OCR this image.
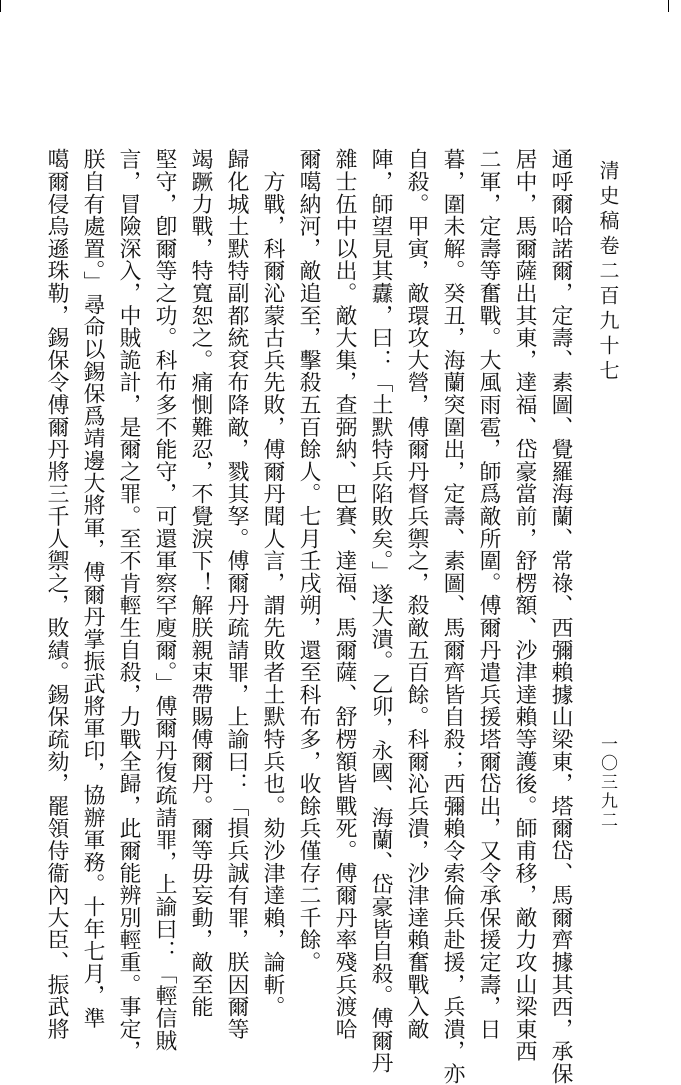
清史稿卷二百九十七
一〇三九二
通呼爾哈諾爾，定壽、素圖、覺羅海蘭、常祿、西彌賴據山梁東，塔爾岱、馬爾齊據其西，承保
居中，馬爾薩出其東，達福、岱豪當前，舒楞額、沙津達賴等護後。師甫移，敵力攻山梁東西
二軍，定壽等奮戰。大風雨雹，師爲敵所圍。傅爾丹遣兵援塔爾岱出，又令承保援定壽，日
暮，圍未解。癸丑，海蘭突圍出，定壽、素圖、馬爾齊皆自殺；西彌賴令索倫兵赴援，兵潰，亦
自殺。甲寅，敵環攻大營，傅爾丹督兵禦之，殺敵五百餘。科爾沁兵潰，沙津達賴奮戰入敵
陣，師望見其纛，曰：「土默特兵陷敗矣。」遂大潰。乙卯，永國、海蘭、岱豪皆自殺。傅爾丹
雜士伍中以出。敵大集，查弼納、巴賽、達福、馬爾薩、舒楞額皆戰死。傅爾丹率殘兵渡哈
爾噶納河，敵追至，擊殺五百餘人。七月壬戌朔，還至科布多，收餘兵僅存二千餘。
　方戰，科爾沁蒙古兵先敗，傅爾丹聞人言，謂先敗者土默特兵也。劾沙津達賴，論斬。
歸化城土默特副都統袞布降敵，戮其孥。傅爾丹疏請罪，上諭曰：「損兵誠有罪，朕因爾等
竭蹶力戰，特寬恕之。痛惻難忍，不覺淚下！解朕親束帶賜傅爾丹。爾等毋妄動，敵至能
堅守，卽爾等之功。科布多不能守，可還軍察罕廋爾。」傅爾丹復疏請罪，上諭曰：「輕信賊
言，冒險深入，中賊詭計，是爾之罪。至不肯輕生自殺，力戰全歸，此爾能辨別輕重。事定，
朕自有處置。」尋命以錫保爲靖邊大將軍，傅爾丹掌振武將軍印，協辦軍務。十年七月，準
噶爾侵烏遜珠勒，錫保令傅爾丹將三千人禦之，敗績。錫保疏劾，罷領侍衞內大臣、振武將
